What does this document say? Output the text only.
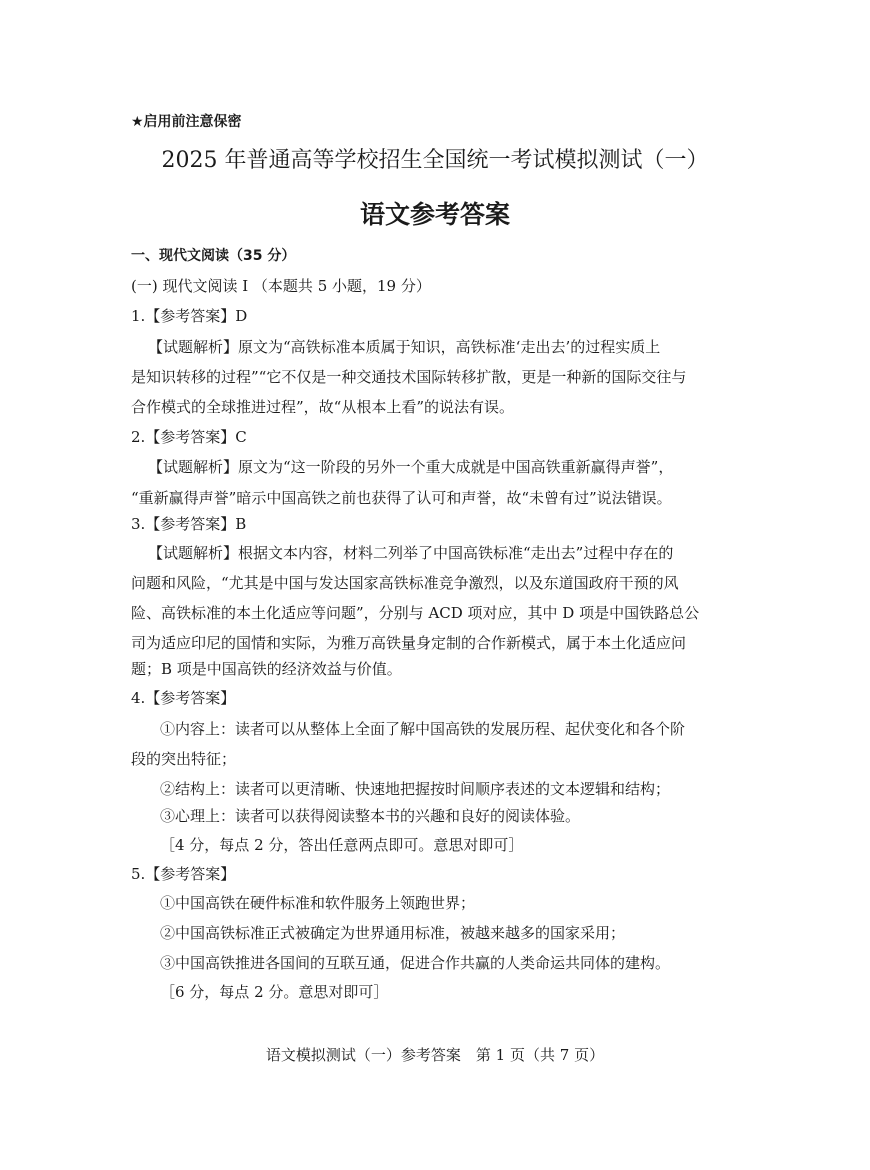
★启用前注意保密
2025 年普通高等学校招生全国统一考试模拟测试（一）
语文参考答案
一、现代文阅读（35 分）
(一) 现代文阅读 I （本题共 5 小题，19 分）
1.【参考答案】D
【试题解析】原文为“高铁标准本质属于知识，高铁标准‘走出去’的过程实质上
是知识转移的过程”“它不仅是一种交通技术国际转移扩散，更是一种新的国际交往与
合作模式的全球推进过程”，故“从根本上看”的说法有误。
2.【参考答案】C
【试题解析】原文为“这一阶段的另外一个重大成就是中国高铁重新赢得声誉”，
“重新赢得声誉”暗示中国高铁之前也获得了认可和声誉，故“未曾有过”说法错误。
3.【参考答案】B
【试题解析】根据文本内容，材料二列举了中国高铁标准“走出去”过程中存在的
问题和风险，“尤其是中国与发达国家高铁标准竞争激烈，以及东道国政府干预的风
险、高铁标准的本土化适应等问题”，分别与 ACD 项对应，其中 D 项是中国铁路总公
司为适应印尼的国情和实际，为雅万高铁量身定制的合作新模式，属于本土化适应问
题；B 项是中国高铁的经济效益与价值。
4.【参考答案】
①内容上：读者可以从整体上全面了解中国高铁的发展历程、起伏变化和各个阶
段的突出特征；
②结构上：读者可以更清晰、快速地把握按时间顺序表述的文本逻辑和结构；
③心理上：读者可以获得阅读整本书的兴趣和良好的阅读体验。
［4 分，每点 2 分，答出任意两点即可。意思对即可］
5.【参考答案】
①中国高铁在硬件标准和软件服务上领跑世界；
②中国高铁标准正式被确定为世界通用标准，被越来越多的国家采用；
③中国高铁推进各国间的互联互通，促进合作共赢的人类命运共同体的建构。
［6 分，每点 2 分。意思对即可］
语文模拟测试（一）参考答案　第 1 页（共 7 页）
